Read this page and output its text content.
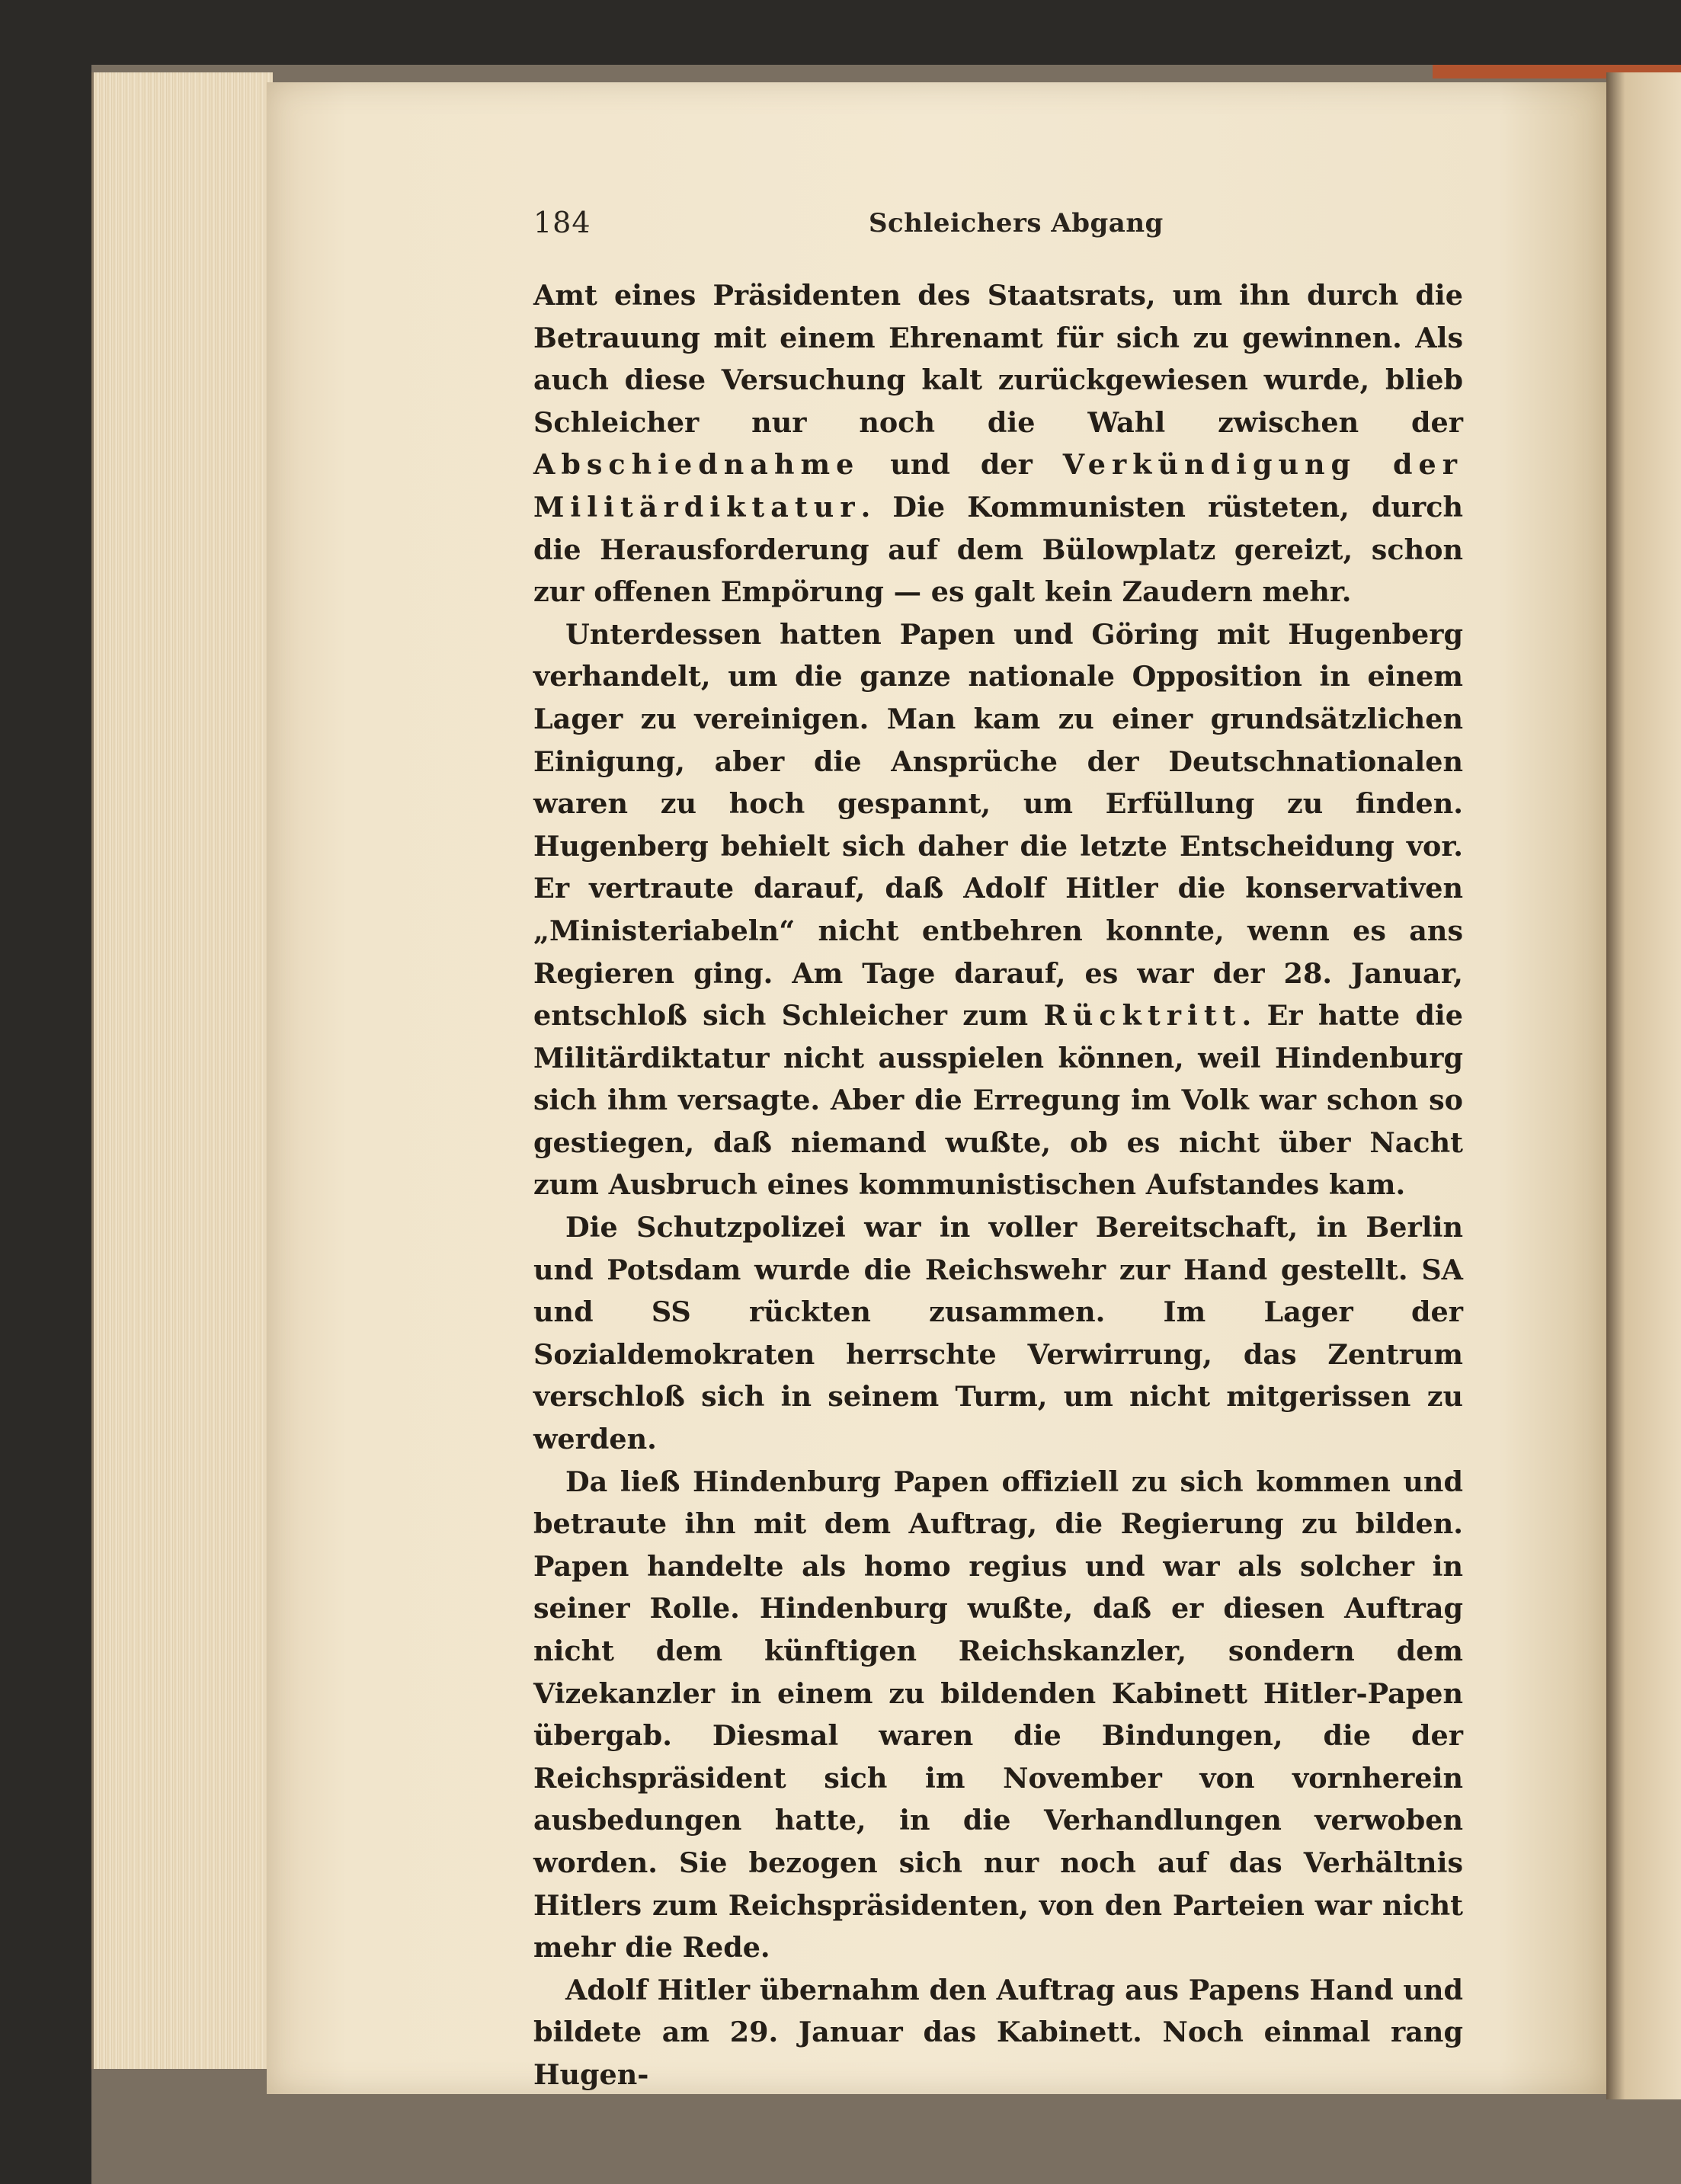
184	Schleichers Abgang

Amt eines Präsidenten des Staatsrats, um ihn durch die Betrauung mit einem Ehrenamt für sich zu gewinnen. Als auch diese Versuchung kalt zurückgewiesen wurde, blieb Schleicher nur noch die Wahl zwischen der Abschiednahme und der Verkündigung der Militärdiktatur. Die Kommunisten rüsteten, durch die Herausforderung auf dem Bülowplatz gereizt, schon zur offenen Empörung — es galt kein Zaudern mehr.

Unterdessen hatten Papen und Göring mit Hugenberg verhandelt, um die ganze nationale Opposition in einem Lager zu vereinigen. Man kam zu einer grundsätzlichen Einigung, aber die Ansprüche der Deutschnationalen waren zu hoch gespannt, um Erfüllung zu finden. Hugenberg behielt sich daher die letzte Entscheidung vor. Er vertraute darauf, daß Adolf Hitler die konservativen „Ministeriabeln“ nicht entbehren konnte, wenn es ans Regieren ging. Am Tage darauf, es war der 28. Januar, entschloß sich Schleicher zum Rücktritt. Er hatte die Militärdiktatur nicht ausspielen können, weil Hindenburg sich ihm versagte. Aber die Erregung im Volk war schon so gestiegen, daß niemand wußte, ob es nicht über Nacht zum Ausbruch eines kommunistischen Aufstandes kam.

Die Schutzpolizei war in voller Bereitschaft, in Berlin und Potsdam wurde die Reichswehr zur Hand gestellt. SA und SS rückten zusammen. Im Lager der Sozialdemokraten herrschte Verwirrung, das Zentrum verschloß sich in seinem Turm, um nicht mitgerissen zu werden.

Da ließ Hindenburg Papen offiziell zu sich kommen und betraute ihn mit dem Auftrag, die Regierung zu bilden. Papen handelte als homo regius und war als solcher in seiner Rolle. Hindenburg wußte, daß er diesen Auftrag nicht dem künftigen Reichskanzler, sondern dem Vizekanzler in einem zu bildenden Kabinett Hitler-Papen übergab. Diesmal waren die Bindungen, die der Reichspräsident sich im November von vornherein ausbedungen hatte, in die Verhandlungen verwoben worden. Sie bezogen sich nur noch auf das Verhältnis Hitlers zum Reichspräsidenten, von den Parteien war nicht mehr die Rede.

Adolf Hitler übernahm den Auftrag aus Papens Hand und bildete am 29. Januar das Kabinett. Noch einmal rang Hugen-
